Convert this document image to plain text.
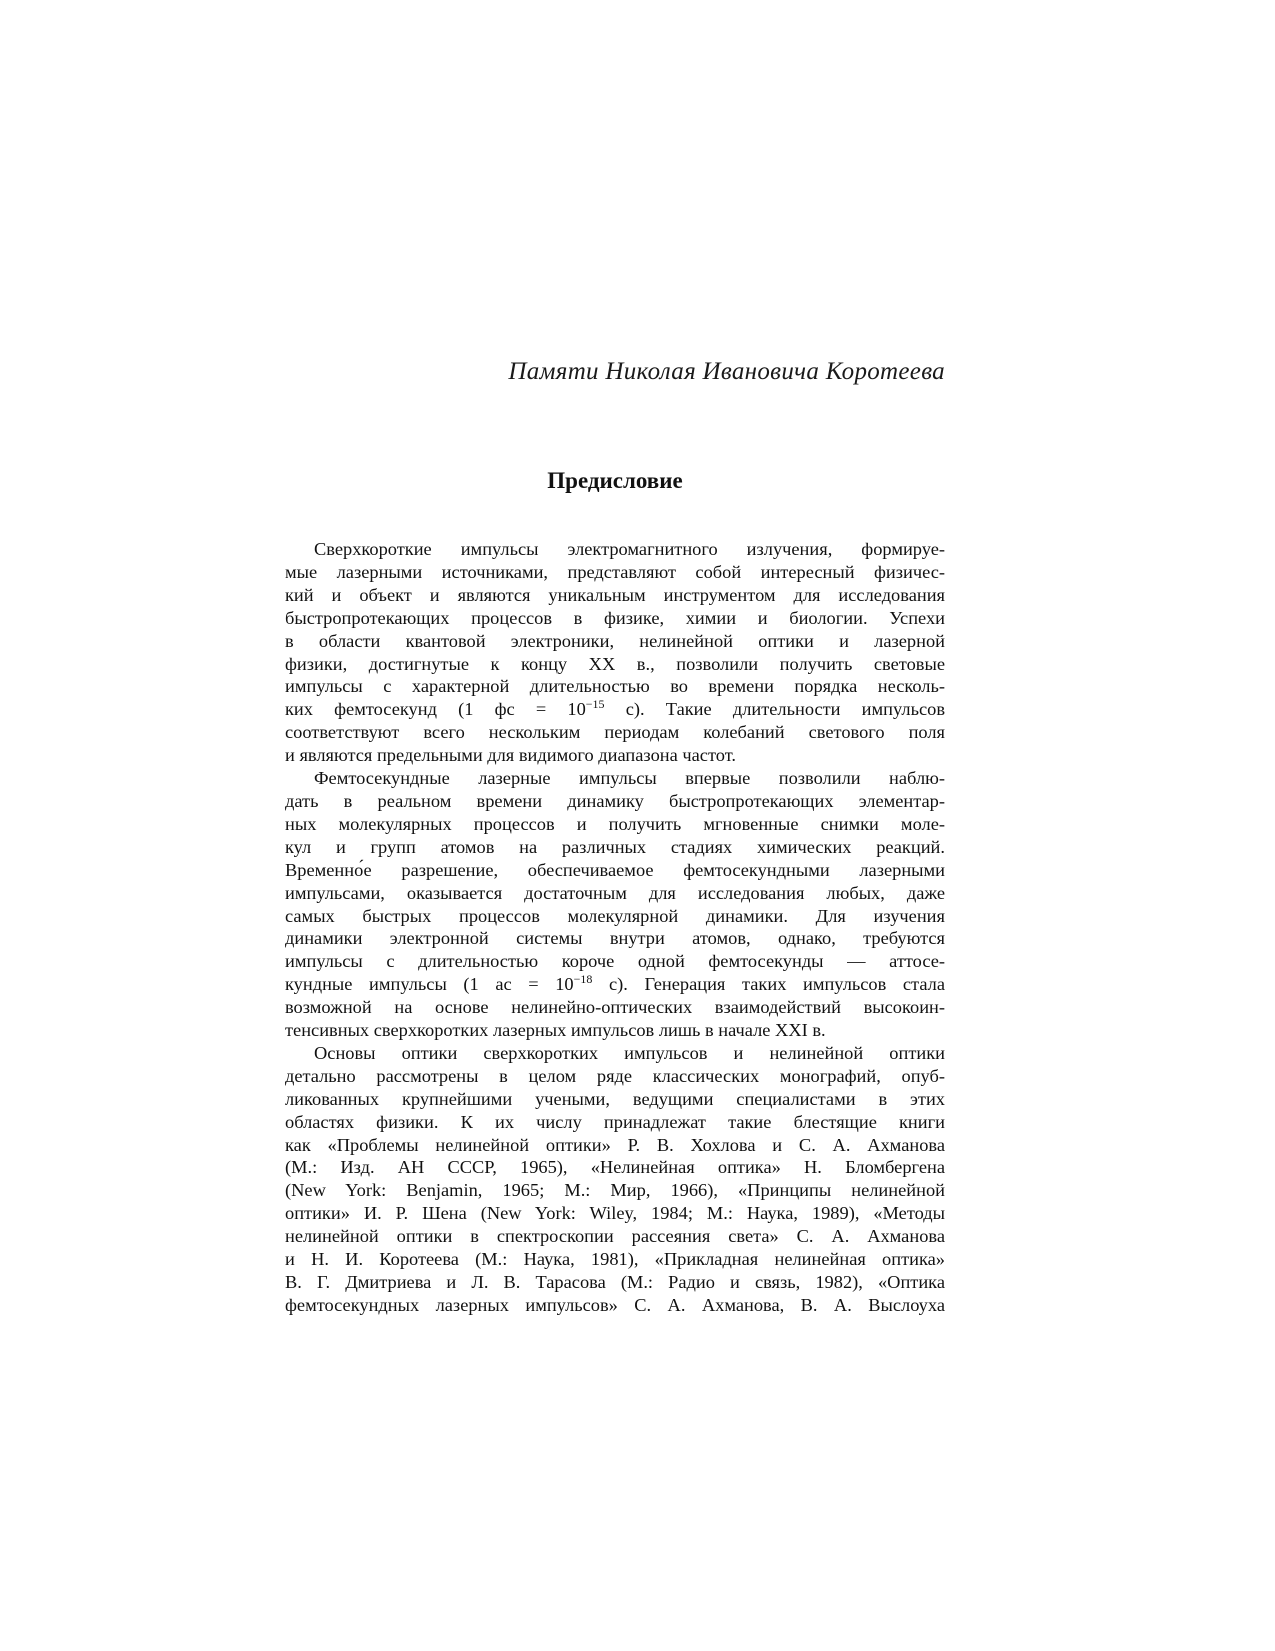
Памяти Николая Ивановича Коротеева
Предисловие

Сверхкороткие импульсы электромагнитного излучения, формируе-
мые лазерными источниками, представляют собой интересный физичес-
кий и объект и являются уникальным инструментом для исследования
быстропротекающих процессов в физике, химии и биологии. Успехи
в области квантовой электроники, нелинейной оптики и лазерной
физики, достигнутые к концу XX в., позволили получить световые
импульсы с характерной длительностью во времени порядка несколь-
ких фемтосекунд (1 фс = $10^{-15}$ с). Такие длительности импульсов
соответствуют всего нескольким периодам колебаний светового поля
и являются предельными для видимого диапазона частот.

Фемтосекундные лазерные импульсы впервые позволили наблю-
дать в реальном времени динамику быстропротекающих элементар-
ных молекулярных процессов и получить мгновенные снимки моле-
кул и групп атомов на различных стадиях химических реакций.
Временно́е разрешение, обеспечиваемое фемтосекундными лазерными
импульсами, оказывается достаточным для исследования любых, даже
самых быстрых процессов молекулярной динамики. Для изучения
динамики электронной системы внутри атомов, однако, требуются
импульсы с длительностью короче одной фемтосекунды — аттосе-
кундные импульсы (1 ас = $10^{-18}$ с). Генерация таких импульсов стала
возможной на основе нелинейно-оптических взаимодействий высокоин-
тенсивных сверхкоротких лазерных импульсов лишь в начале XXI в.

Основы оптики сверхкоротких импульсов и нелинейной оптики
детально рассмотрены в целом ряде классических монографий, опуб-
ликованных крупнейшими учеными, ведущими специалистами в этих
областях физики. К их числу принадлежат такие блестящие книги
как «Проблемы нелинейной оптики» Р. В. Хохлова и С. А. Ахманова
(М.: Изд. АН СССР, 1965), «Нелинейная оптика» Н. Бломбергена
(New York: Benjamin, 1965; М.: Мир, 1966), «Принципы нелинейной
оптики» И. Р. Шена (New York: Wiley, 1984; М.: Наука, 1989), «Методы
нелинейной оптики в спектроскопии рассеяния света» С. А. Ахманова
и Н. И. Коротеева (М.: Наука, 1981), «Прикладная нелинейная оптика»
В. Г. Дмитриева и Л. В. Тарасова (М.: Радио и связь, 1982), «Оптика
фемтосекундных лазерных импульсов» С. А. Ахманова, В. А. Выслоуха
